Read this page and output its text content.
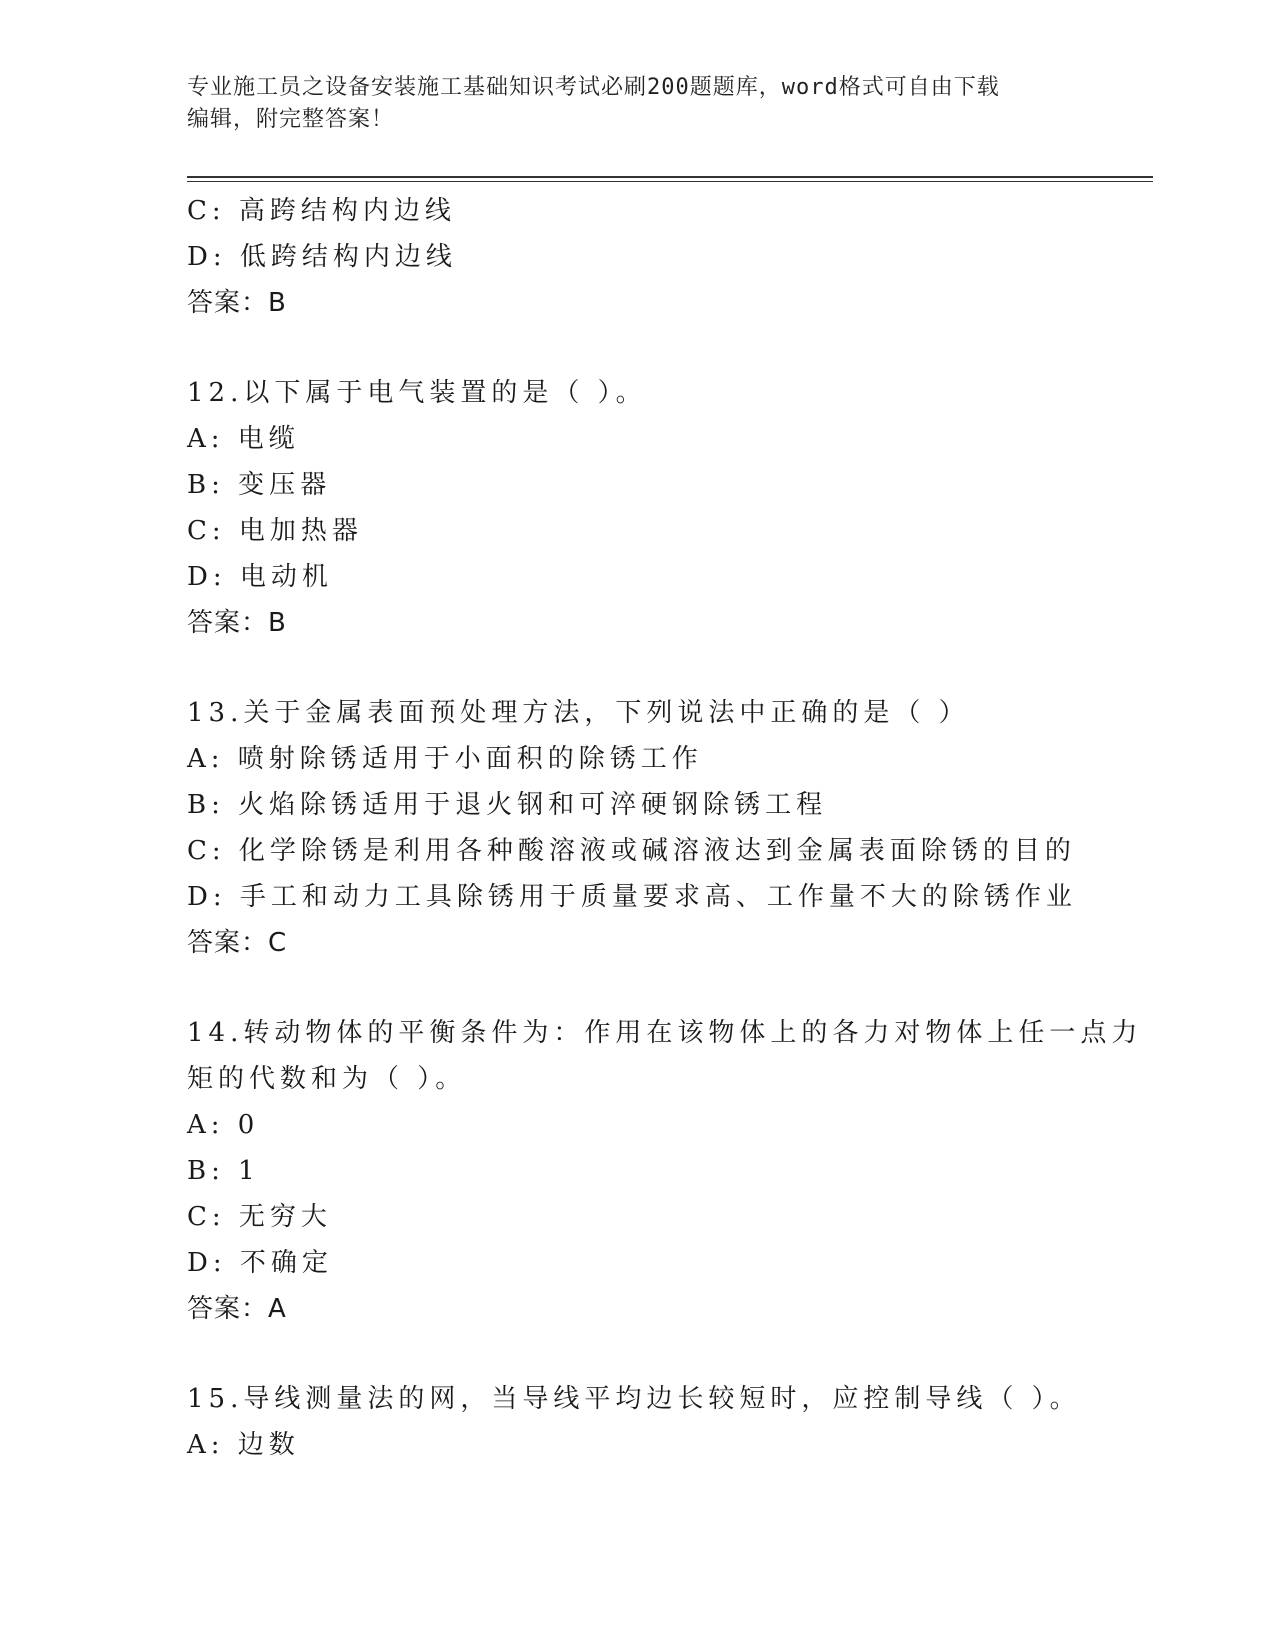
专业施工员之设备安装施工基础知识考试必刷200题题库，word格式可自由下载
编辑，附完整答案！
C: 高跨结构内边线
D: 低跨结构内边线
答案：B
12.以下属于电气装置的是（ ）。
A: 电缆
B: 变压器
C: 电加热器
D: 电动机
答案：B
13.关于金属表面预处理方法，下列说法中正确的是（ ）
A: 喷射除锈适用于小面积的除锈工作
B: 火焰除锈适用于退火钢和可淬硬钢除锈工程
C: 化学除锈是利用各种酸溶液或碱溶液达到金属表面除锈的目的
D: 手工和动力工具除锈用于质量要求高、工作量不大的除锈作业
答案：C
14.转动物体的平衡条件为：作用在该物体上的各力对物体上任一点力
矩的代数和为（ ）。
A: 0
B: 1
C: 无穷大
D: 不确定
答案：A
15.导线测量法的网，当导线平均边长较短时，应控制导线（ ）。
A: 边数
